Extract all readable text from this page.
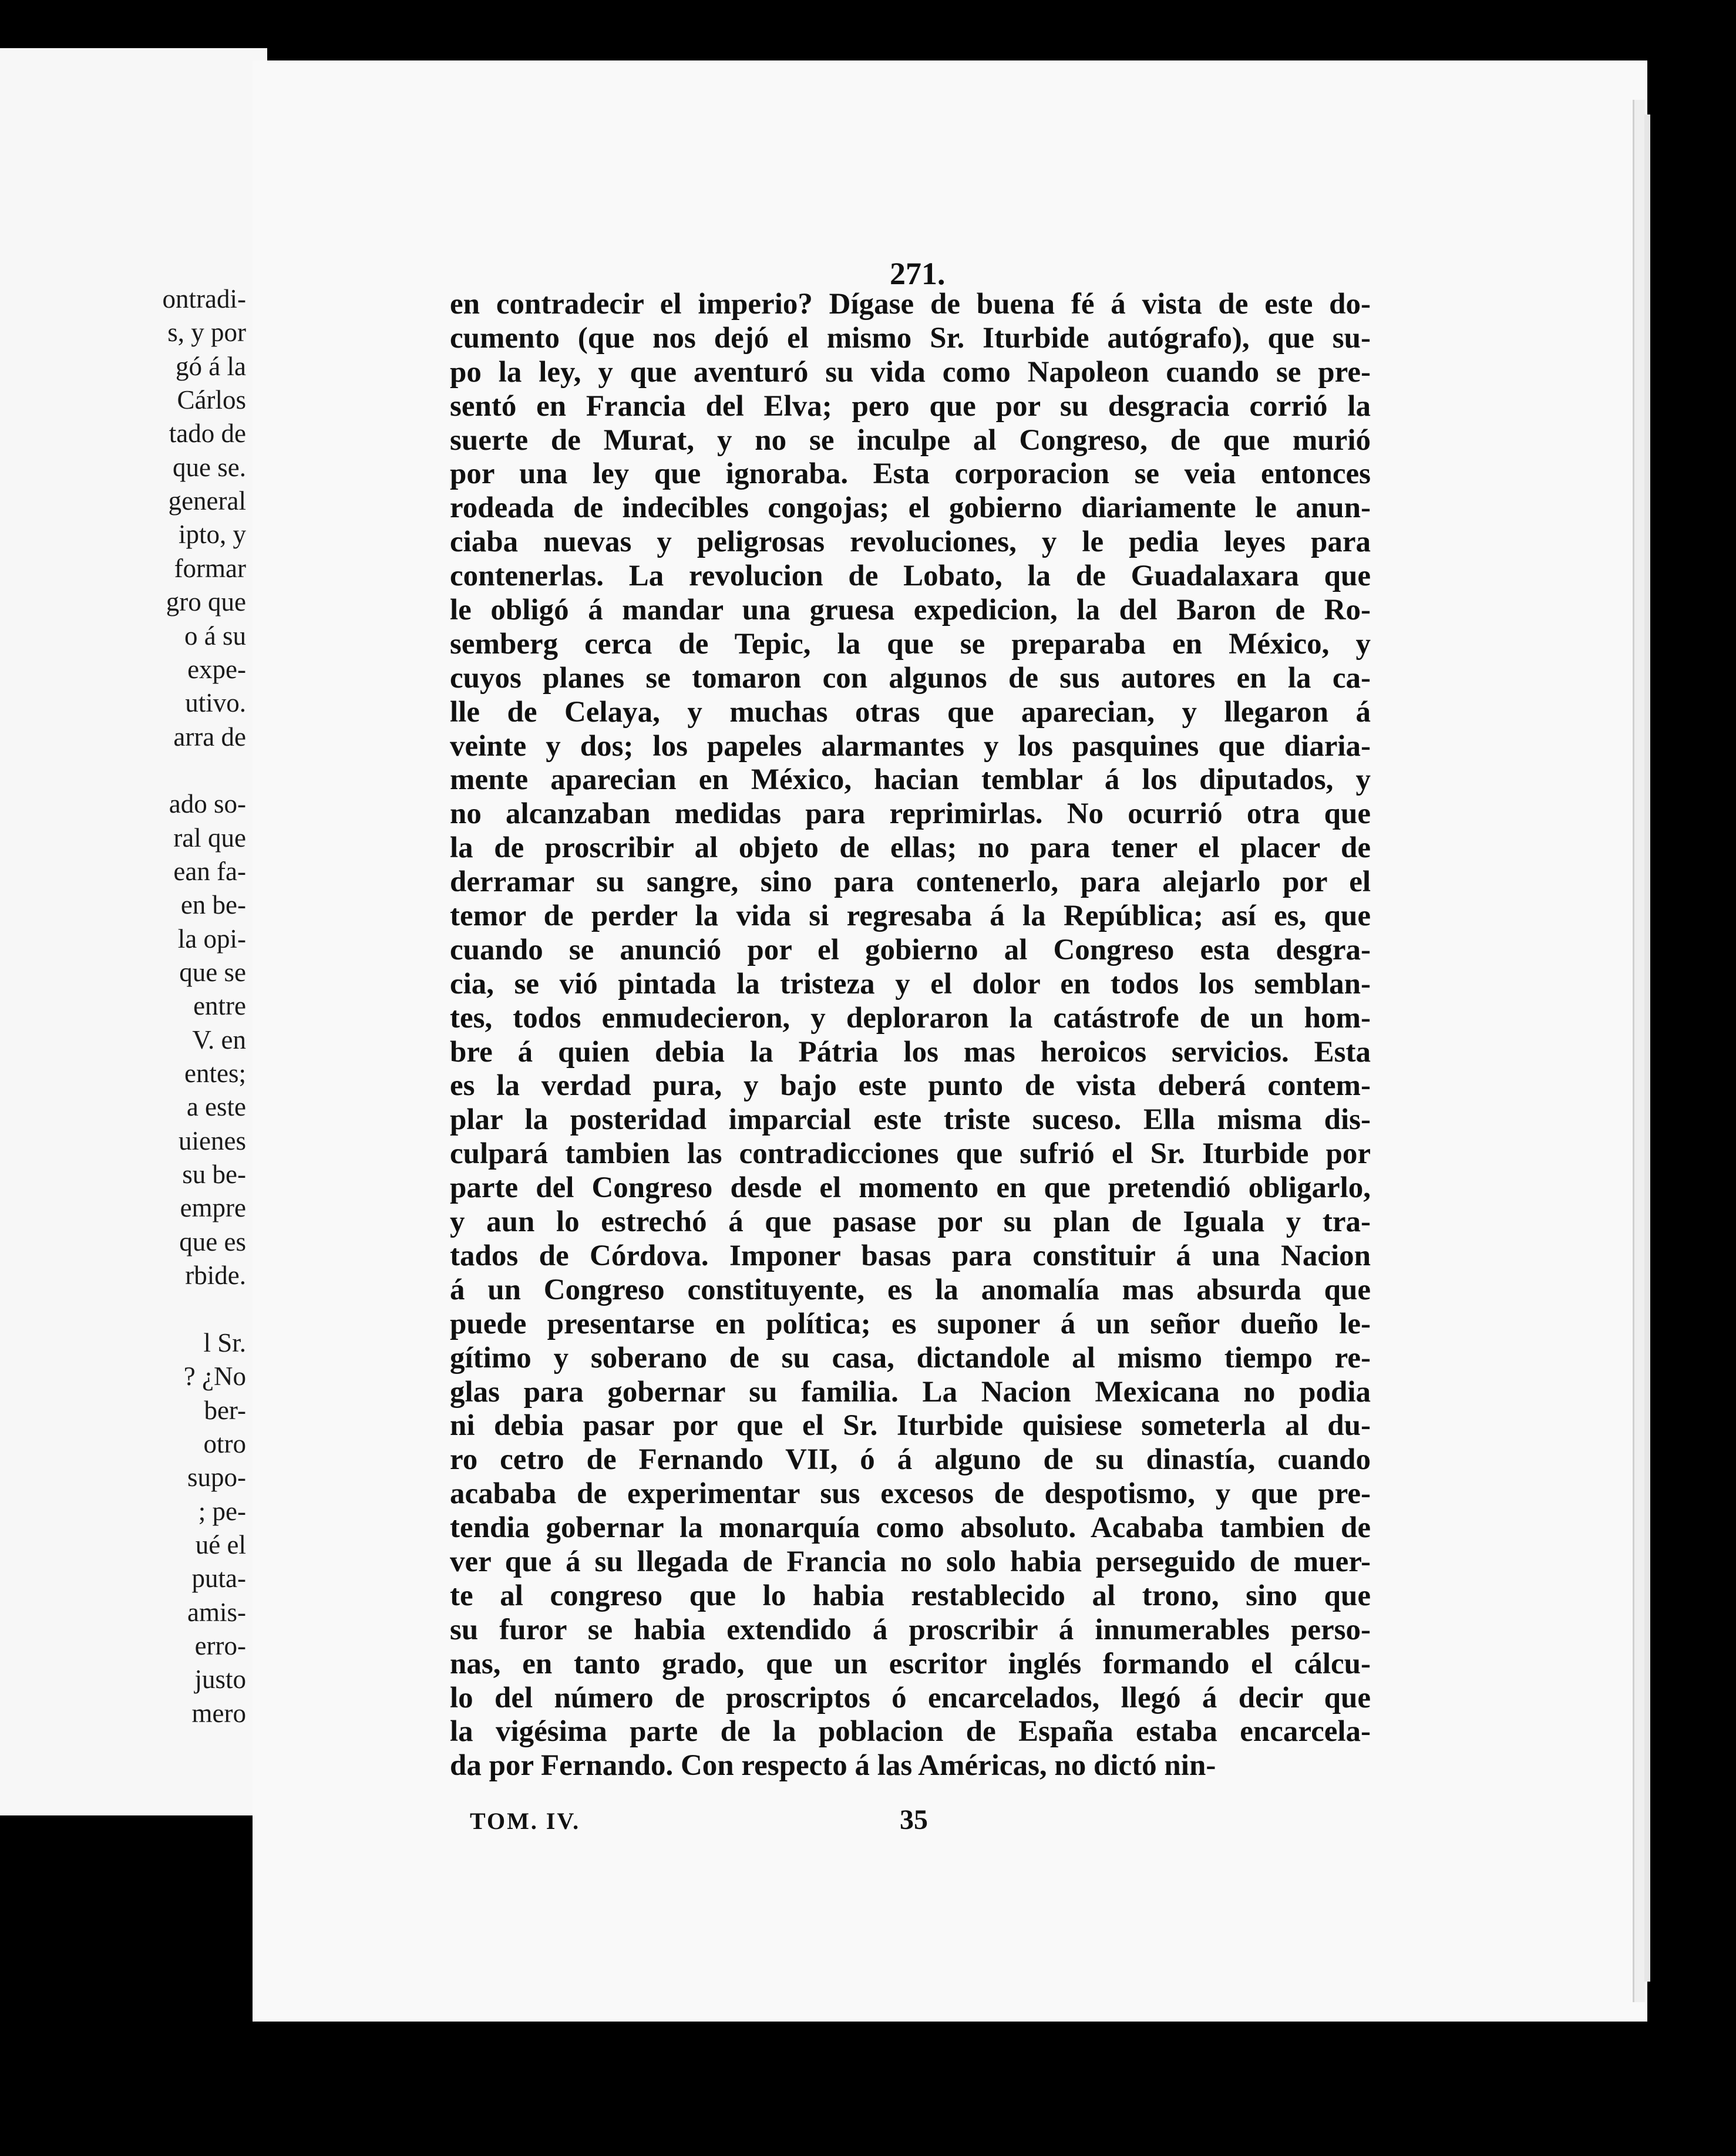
ontradi-
s, y por
gó á la
Cárlos
tado de
que se.
general
ipto, y
formar
gro que
o á su
expe-
utivo.
arra de
ado so-
ral que
ean fa-
en be-
la opi-
que se
entre
V. en
entes;
a este
uienes
su be-
empre
que es
rbide.
l Sr.
? ¿No
ber-
otro
supo-
; pe-
ué el
puta-
amis-
erro-
justo
mero
271.
en contradecir el imperio? Dígase de buena fé á vista de este do-
cumento (que nos dejó el mismo Sr. Iturbide autógrafo), que su-
po la ley, y que aventuró su vida como Napoleon cuando se pre-
sentó en Francia del Elva; pero que por su desgracia corrió la
suerte de Murat, y no se inculpe al Congreso, de que murió
por una ley que ignoraba. Esta corporacion se veia entonces
rodeada de indecibles congojas; el gobierno diariamente le anun-
ciaba nuevas y peligrosas revoluciones, y le pedia leyes para
contenerlas. La revolucion de Lobato, la de Guadalaxara que
le obligó á mandar una gruesa expedicion, la del Baron de Ro-
semberg cerca de Tepic, la que se preparaba en México, y
cuyos planes se tomaron con algunos de sus autores en la ca-
lle de Celaya, y muchas otras que aparecian, y llegaron á
veinte y dos; los papeles alarmantes y los pasquines que diaria-
mente aparecian en México, hacian temblar á los diputados, y
no alcanzaban medidas para reprimirlas. No ocurrió otra que
la de proscribir al objeto de ellas; no para tener el placer de
derramar su sangre, sino para contenerlo, para alejarlo por el
temor de perder la vida si regresaba á la República; así es, que
cuando se anunció por el gobierno al Congreso esta desgra-
cia, se vió pintada la tristeza y el dolor en todos los semblan-
tes, todos enmudecieron, y deploraron la catástrofe de un hom-
bre á quien debia la Pátria los mas heroicos servicios. Esta
es la verdad pura, y bajo este punto de vista deberá contem-
plar la posteridad imparcial este triste suceso. Ella misma dis-
culpará tambien las contradicciones que sufrió el Sr. Iturbide por
parte del Congreso desde el momento en que pretendió obligarlo,
y aun lo estrechó á que pasase por su plan de Iguala y tra-
tados de Córdova. Imponer basas para constituir á una Nacion
á un Congreso constituyente, es la anomalía mas absurda que
puede presentarse en política; es suponer á un señor dueño le-
gítimo y soberano de su casa, dictandole al mismo tiempo re-
glas para gobernar su familia. La Nacion Mexicana no podia
ni debia pasar por que el Sr. Iturbide quisiese someterla al du-
ro cetro de Fernando VII, ó á alguno de su dinastía, cuando
acababa de experimentar sus excesos de despotismo, y que pre-
tendia gobernar la monarquía como absoluto. Acababa tambien de
ver que á su llegada de Francia no solo habia perseguido de muer-
te al congreso que lo habia restablecido al trono, sino que
su furor se habia extendido á proscribir á innumerables perso-
nas, en tanto grado, que un escritor inglés formando el cálcu-
lo del número de proscriptos ó encarcelados, llegó á decir que
la vigésima parte de la poblacion de España estaba encarcela-
da por Fernando. Con respecto á las Américas, no dictó nin-
TOM. IV.	35
